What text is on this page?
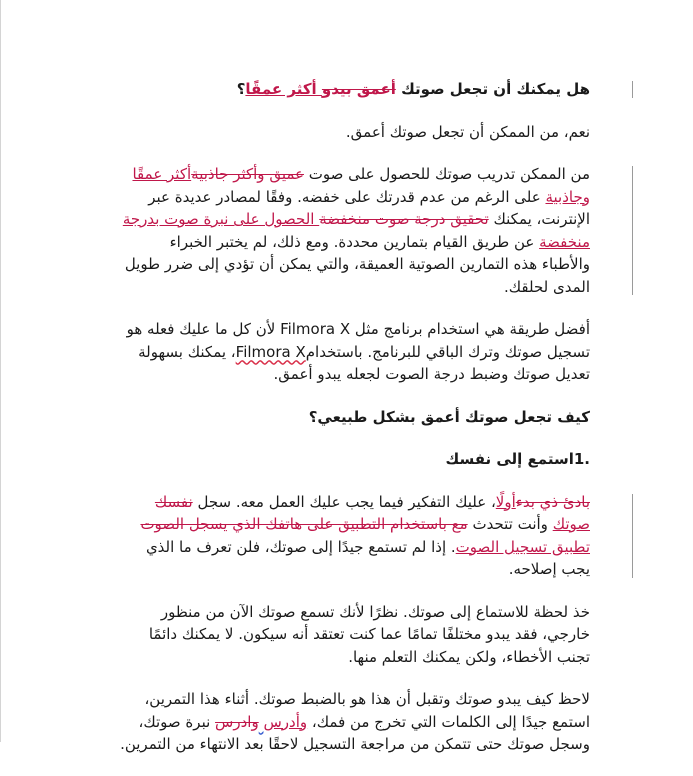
هل يمكنك أن تجعل صوتك أعمق بيدو أكثر عمقًا؟
نعم، من الممكن أن تجعل صوتك أعمق.
من الممكن تدريب صوتك للحصول على صوت عميق وأكثر جاذبيةأكثر عمقًا وجاذبية على الرغم من عدم قدرتك على خفضه. وفقًا لمصادر عديدة عبر الإنترنت، يمكنك تحقيق درجة صوت منخفضة الحصول على نبرة صوت بدرجة منخفضة عن طريق القيام بتمارين محددة. ومع ذلك، لم يختبر الخبراء والأطباء هذه التمارين الصوتية العميقة، والتي يمكن أن تؤدي إلى ضرر طويل المدى لحلقك.
أفضل طريقة هي استخدام برنامج مثل Filmora X لأن كل ما عليك فعله هو تسجيل صوتك وترك الباقي للبرنامج. باستخدامFilmora X، يمكنك بسهولة تعديل صوتك وضبط درجة الصوت لجعله يبدو أعمق.
كيف تجعل صوتك أعمق بشكل طبيعي؟
.1استمع إلى نفسك
بادئ ذي بدءأولًا، عليك التفكير فيما يجب عليك العمل معه. سجل نفسك صوتك وأنت تتحدث مع باستخدام التطبيق على هاتفك الذي يسجل الصوت تطبيق تسجيل الصوت. إذا لم تستمع جيدًا إلى صوتك، فلن تعرف ما الذي يجب إصلاحه.
خذ لحظة للاستماع إلى صوتك. نظرًا لأنك تسمع صوتك الآن من منظور خارجي، فقد يبدو مختلفًا تمامًا عما كنت تعتقد أنه سيكون. لا يمكنك دائمًا تجنب الأخطاء، ولكن يمكنك التعلم منها.
لاحظ كيف يبدو صوتك وتقبل أن هذا هو بالضبط صوتك. أثناء هذا التمرين، استمع جيدًا إلى الكلمات التي تخرج من فمك، وأدرس وادرس نبرة صوتك، وسجل صوتك حتى تتمكن من مراجعة التسجيل لاحقًا بعد الانتهاء من التمرين.
